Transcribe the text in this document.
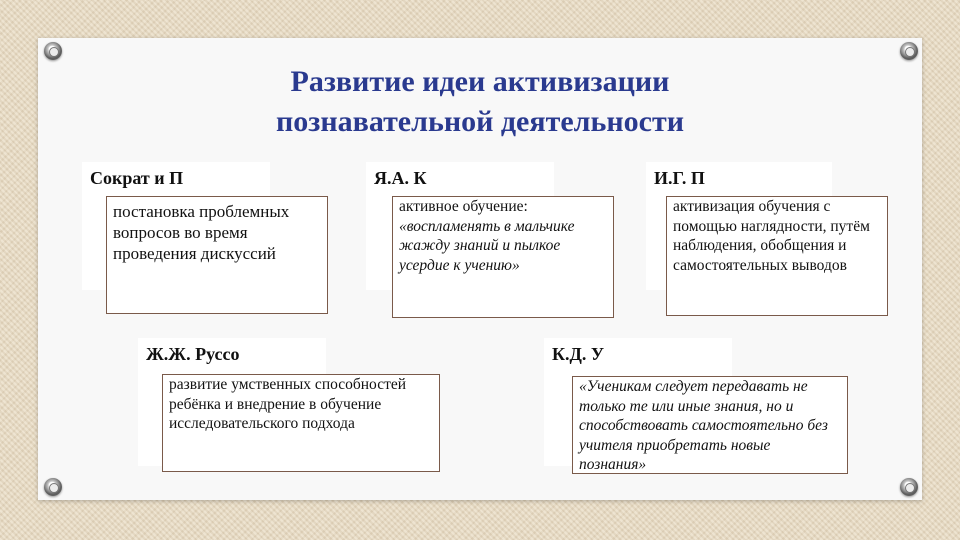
Развитие идеи активизации
познавательной деятельности
Сократ и П
постановка проблемных вопросов во время проведения дискуссий
Я.А. К
активное обучение:
«воспламенять в мальчике жажду знаний и пылкое усердие к учению»
И.Г. П
активизация обучения с помощью наглядности, путём наблюдения, обобщения и самостоятельных выводов
Ж.Ж. Руссо
развитие умственных способностей ребёнка и внедрение в обучение исследовательского подхода
К.Д. У
«Ученикам следует передавать не только те или иные знания, но и способствовать самостоятельно без учителя приобретать новые познания»
